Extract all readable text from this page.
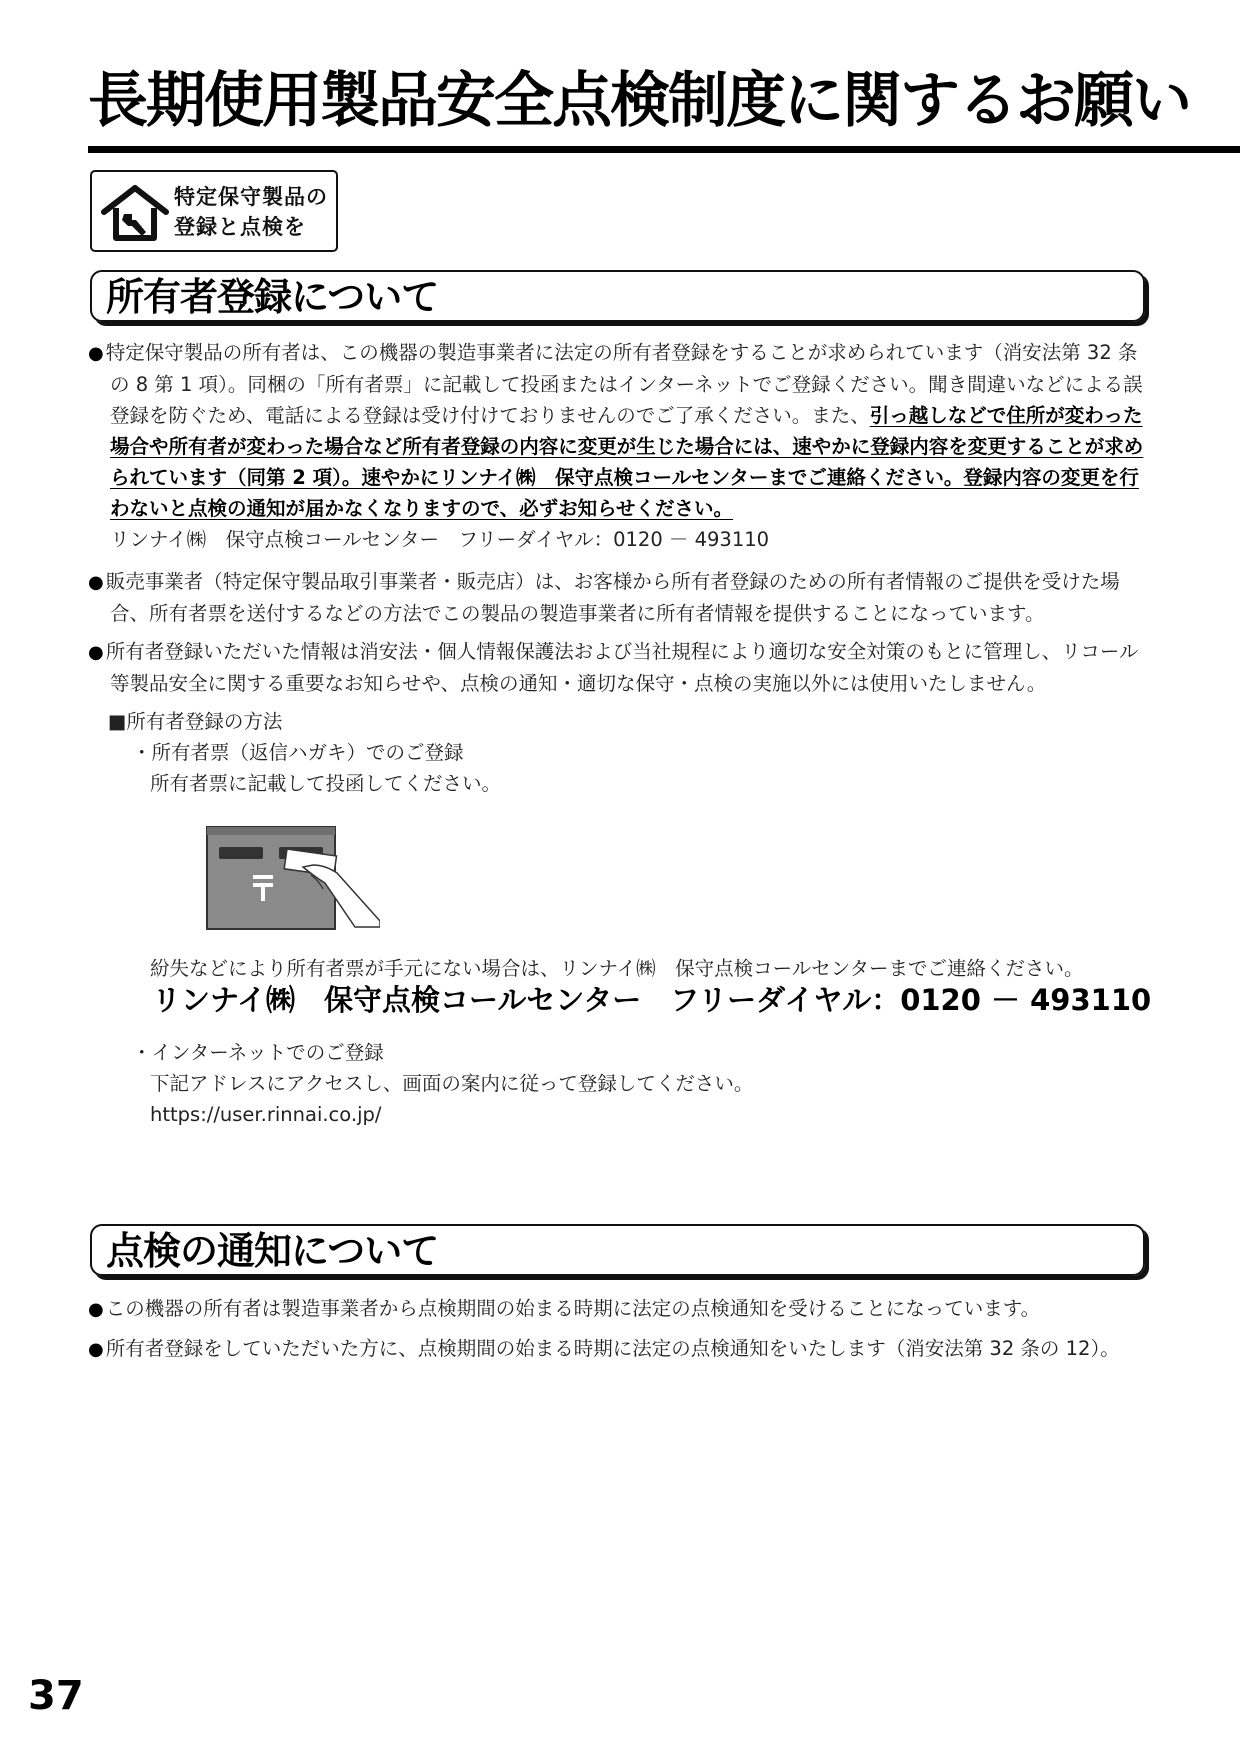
長期使用製品安全点検制度に関するお願い
特定保守製品の
登録と点検を
所有者登録について
● 特定保守製品の所有者は、この機器の製造事業者に法定の所有者登録をすることが求められています（消安法第 32 条の 8 第 1 項）。同梱の「所有者票」に記載して投函またはインターネットでご登録ください。聞き間違いなどによる誤登録を防ぐため、電話による登録は受け付けておりませんのでご了承ください。また、引っ越しなどで住所が変わった場合や所有者が変わった場合など所有者登録の内容に変更が生じた場合には、速やかに登録内容を変更することが求められています（同第 2 項）。速やかにリンナイ㈱　保守点検コールセンターまでご連絡ください。登録内容の変更を行わないと点検の通知が届かなくなりますので、必ずお知らせください。
リンナイ㈱　保守点検コールセンター　フリーダイヤル：0120 － 493110
● 販売事業者（特定保守製品取引事業者・販売店）は、お客様から所有者登録のための所有者情報のご提供を受けた場合、所有者票を送付するなどの方法でこの製品の製造事業者に所有者情報を提供することになっています。
● 所有者登録いただいた情報は消安法・個人情報保護法および当社規程により適切な安全対策のもとに管理し、リコール等製品安全に関する重要なお知らせや、点検の通知・適切な保守・点検の実施以外には使用いたしません。
■所有者登録の方法
・所有者票（返信ハガキ）でのご登録
所有者票に記載して投函してください。
紛失などにより所有者票が手元にない場合は、リンナイ㈱　保守点検コールセンターまでご連絡ください。
リンナイ㈱　保守点検コールセンター　フリーダイヤル：0120 － 493110
・インターネットでのご登録
下記アドレスにアクセスし、画面の案内に従って登録してください。
https://user.rinnai.co.jp/
点検の通知について
● この機器の所有者は製造事業者から点検期間の始まる時期に法定の点検通知を受けることになっています。
● 所有者登録をしていただいた方に、点検期間の始まる時期に法定の点検通知をいたします（消安法第 32 条の 12）。
37
